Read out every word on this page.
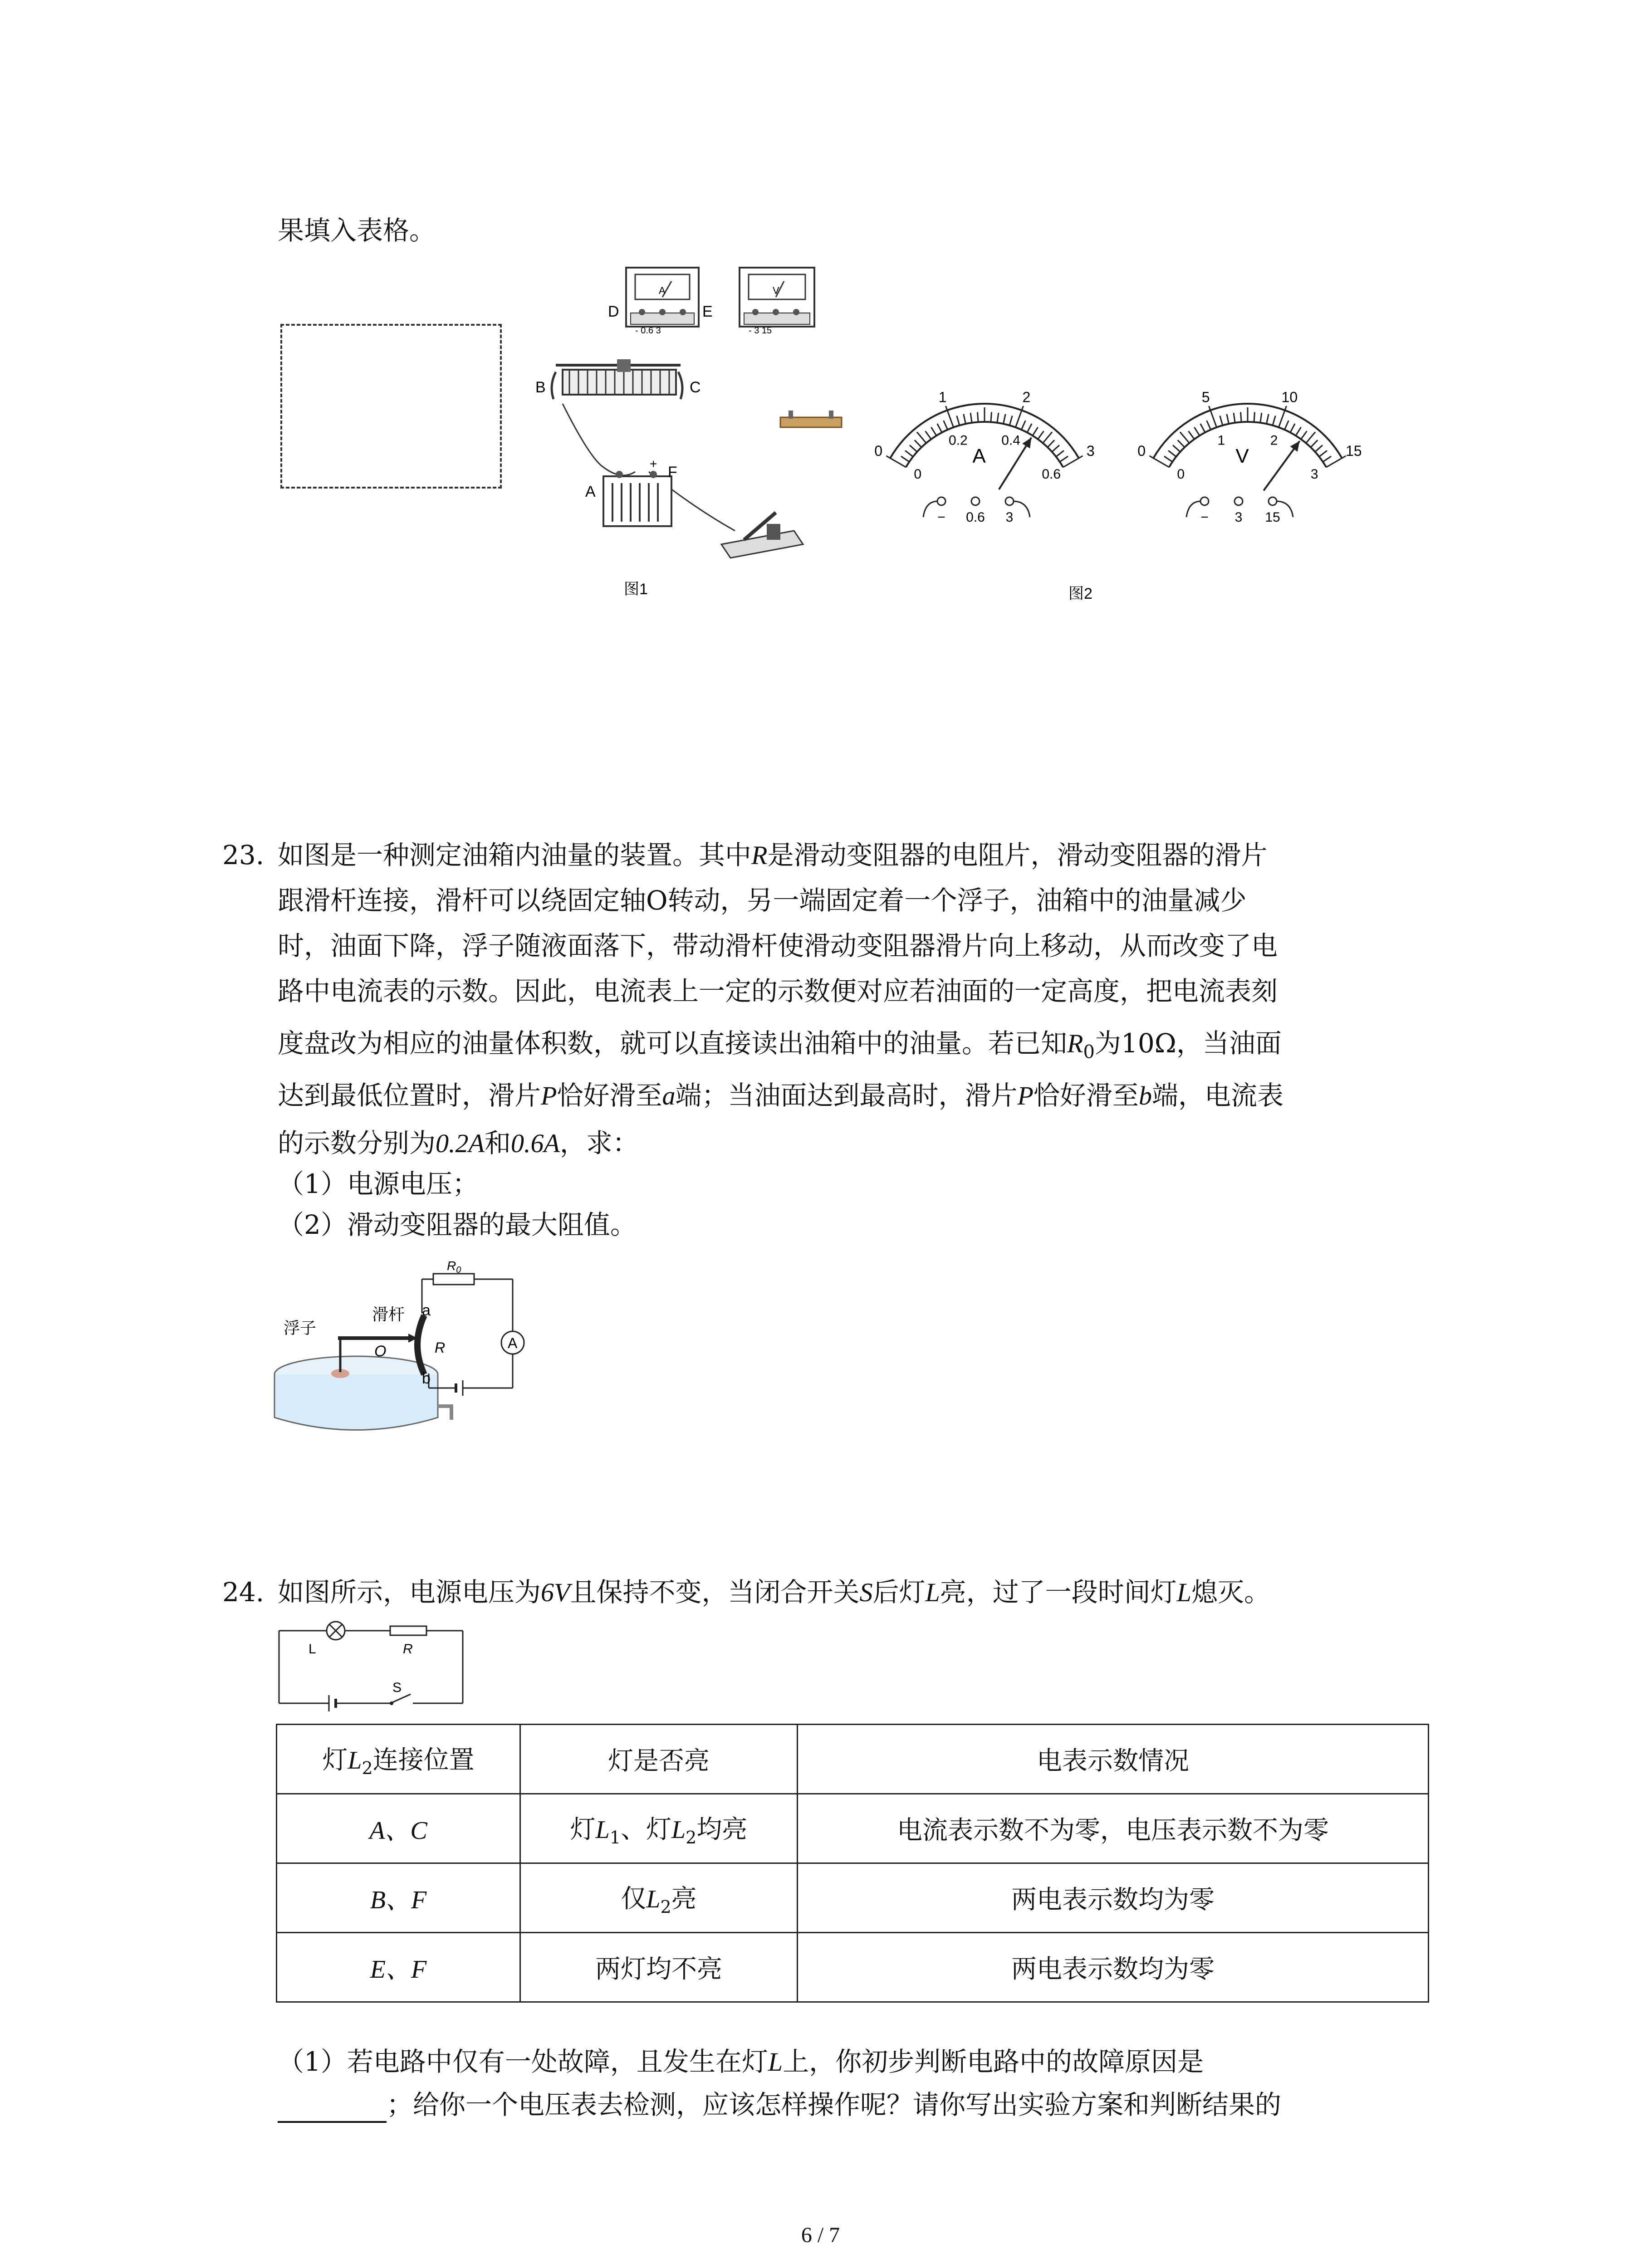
果填入表格。
A
- 0.6 3
D	E
V
- 3 15
B	C
A
+ F
图1
0
1	2
3
0
0.2 0.4
0.6
A
− 0.6 3
0
5	10
15
0
1	2
3
V
− 3 15
图2
23. 如图是一种测定油箱内油量的装置。其中R是滑动变阻器的电阻片，滑动变阻器的滑片
跟滑杆连接，滑杆可以绕固定轴O转动，另一端固定着一个浮子，油箱中的油量减少
时，油面下降，浮子随液面落下，带动滑杆使滑动变阻器滑片向上移动，从而改变了电
路中电流表的示数。因此，电流表上一定的示数便对应若油面的一定高度，把电流表刻
度盘改为相应的油量体积数，就可以直接读出油箱中的油量。若已知$R_0$为10Ω，当油面
达到最低位置时，滑片P恰好滑至a端；当油面达到最高时，滑片P恰好滑至b端，电流表
的示数分别为0.2A和0.6A，求：
（1）电源电压；
（2）滑动变阻器的最大阻值。
浮子
滑杆 a
O	R
b
$R_0$
A
24. 如图所示，电源电压为6V且保持不变，当闭合开关S后灯L亮，过了一段时间灯L熄灭。
L	R
S
灯$L_2$连接位置	灯是否亮	电表示数情况
A、C	灯$L_1$、灯$L_2$均亮	电流表示数不为零，电压表示数不为零
B、F	仅$L_2$亮	两电表示数均为零
E、F	两灯均不亮	两电表示数均为零
（1）若电路中仅有一处故障，且发生在灯L上，你初步判断电路中的故障原因是
；给你一个电压表去检测，应该怎样操作呢？请你写出实验方案和判断结果的
6 / 7
